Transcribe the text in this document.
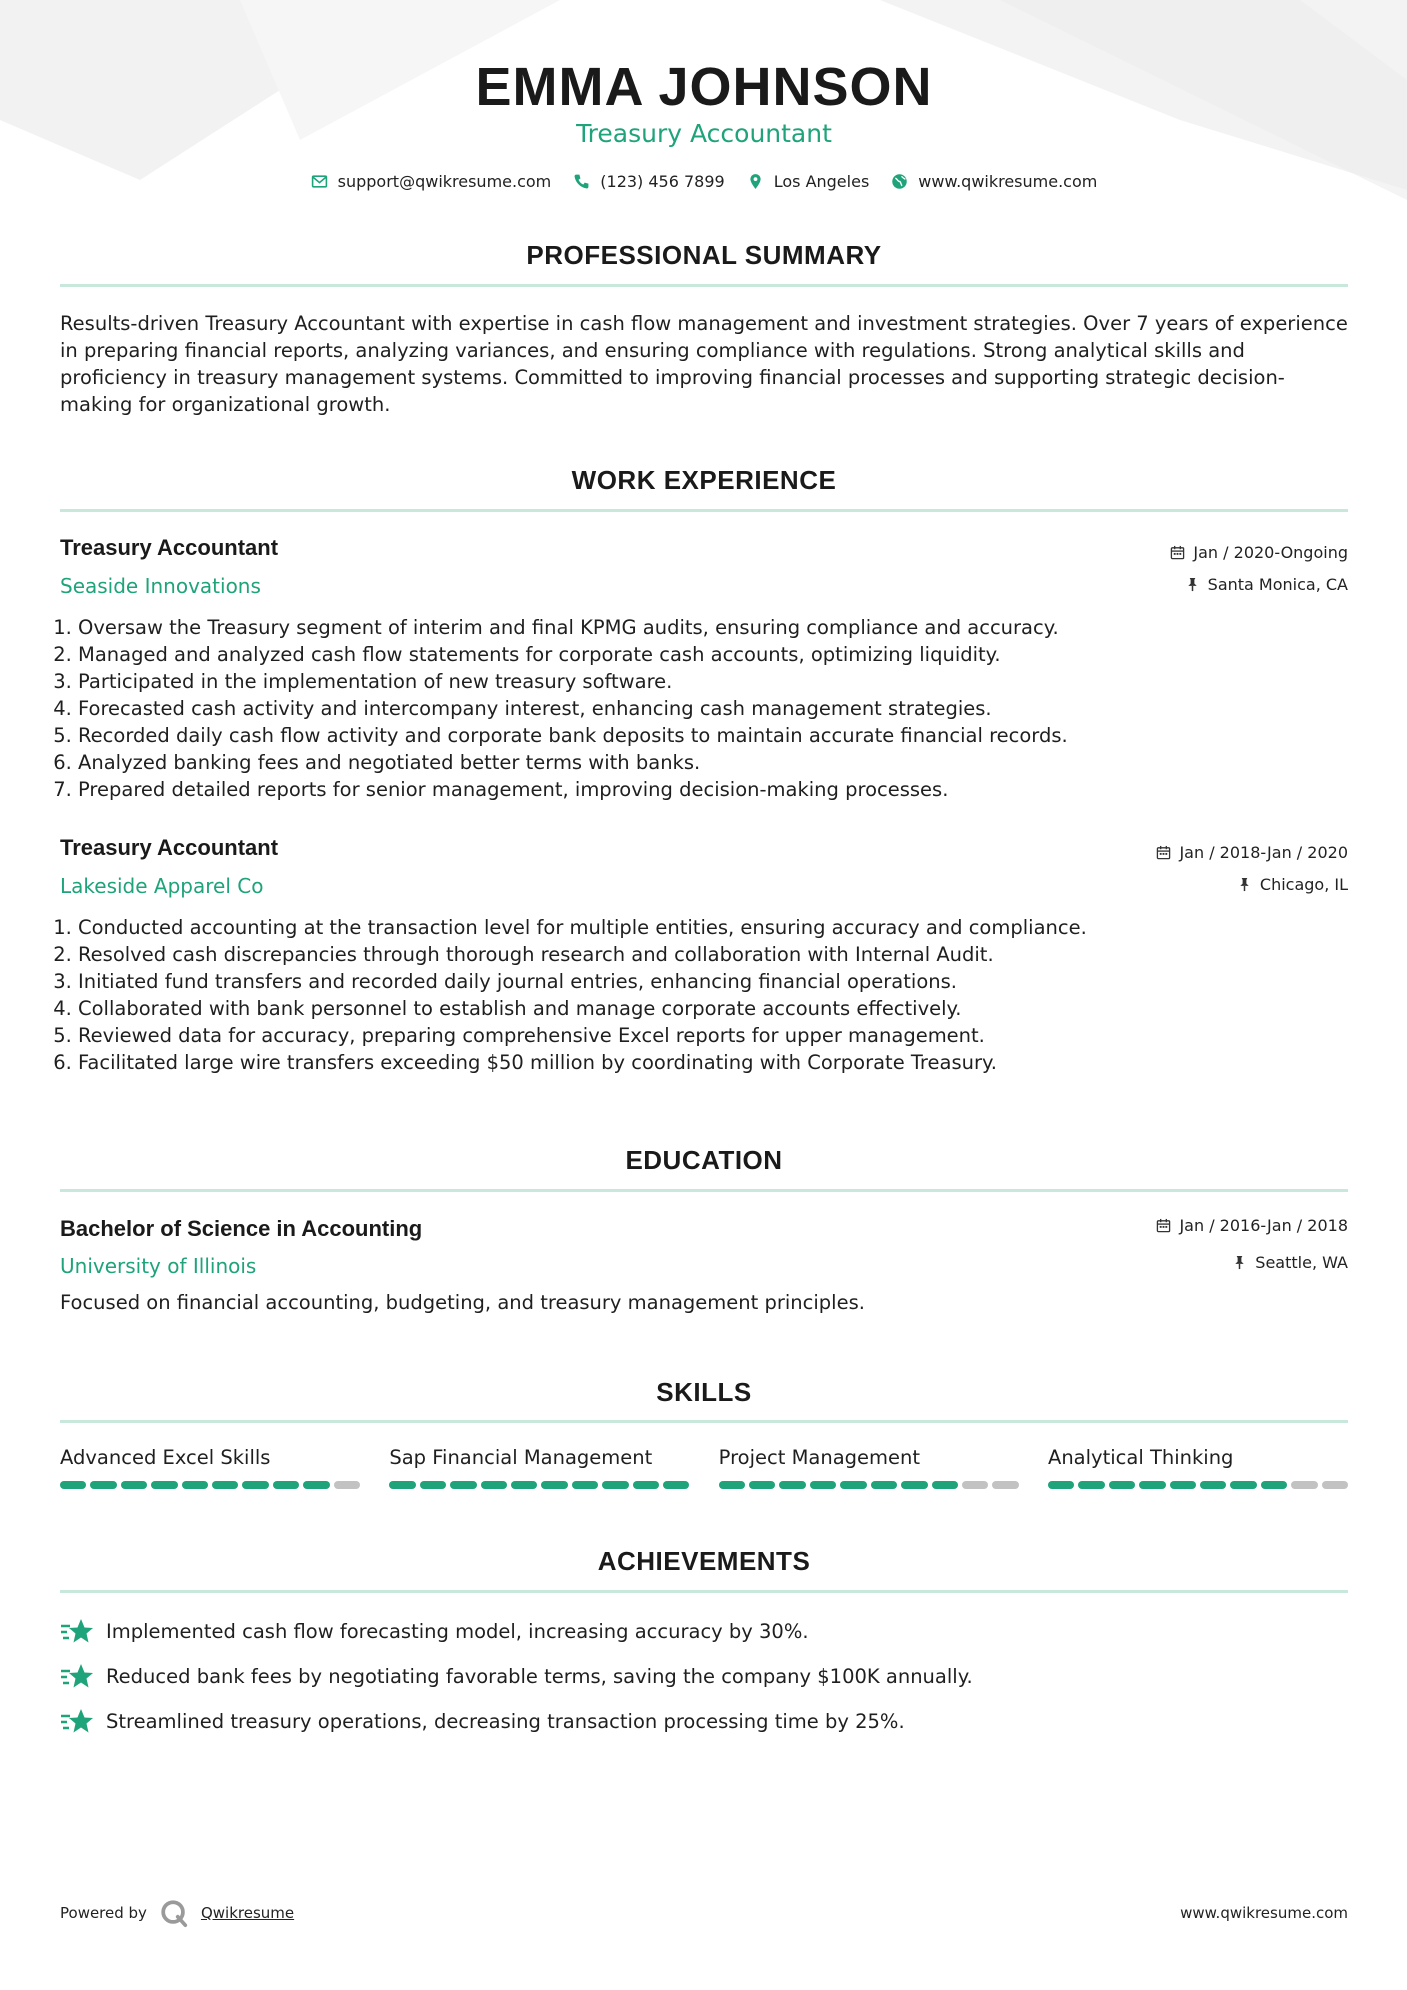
EMMA JOHNSON
Treasury Accountant
support@qwikresume.com	(123) 456 7899	Los Angeles	www.qwikresume.com
PROFESSIONAL SUMMARY
Results-driven Treasury Accountant with expertise in cash flow management and investment strategies. Over 7 years of experience in preparing financial reports, analyzing variances, and ensuring compliance with regulations. Strong analytical skills and proficiency in treasury management systems. Committed to improving financial processes and supporting strategic decision-making for organizational growth.
WORK EXPERIENCE
Treasury Accountant	Jan / 2020-Ongoing
Seaside Innovations	Santa Monica, CA
1. Oversaw the Treasury segment of interim and final KPMG audits, ensuring compliance and accuracy.
2. Managed and analyzed cash flow statements for corporate cash accounts, optimizing liquidity.
3. Participated in the implementation of new treasury software.
4. Forecasted cash activity and intercompany interest, enhancing cash management strategies.
5. Recorded daily cash flow activity and corporate bank deposits to maintain accurate financial records.
6. Analyzed banking fees and negotiated better terms with banks.
7. Prepared detailed reports for senior management, improving decision-making processes.
Treasury Accountant	Jan / 2018-Jan / 2020
Lakeside Apparel Co	Chicago, IL
1. Conducted accounting at the transaction level for multiple entities, ensuring accuracy and compliance.
2. Resolved cash discrepancies through thorough research and collaboration with Internal Audit.
3. Initiated fund transfers and recorded daily journal entries, enhancing financial operations.
4. Collaborated with bank personnel to establish and manage corporate accounts effectively.
5. Reviewed data for accuracy, preparing comprehensive Excel reports for upper management.
6. Facilitated large wire transfers exceeding $50 million by coordinating with Corporate Treasury.
EDUCATION
Bachelor of Science in Accounting	Jan / 2016-Jan / 2018
University of Illinois	Seattle, WA
Focused on financial accounting, budgeting, and treasury management principles.
SKILLS
Advanced Excel Skills	Sap Financial Management	Project Management	Analytical Thinking
ACHIEVEMENTS
Implemented cash flow forecasting model, increasing accuracy by 30%.
Reduced bank fees by negotiating favorable terms, saving the company $100K annually.
Streamlined treasury operations, decreasing transaction processing time by 25%.
Powered by	Qwikresume	www.qwikresume.com
